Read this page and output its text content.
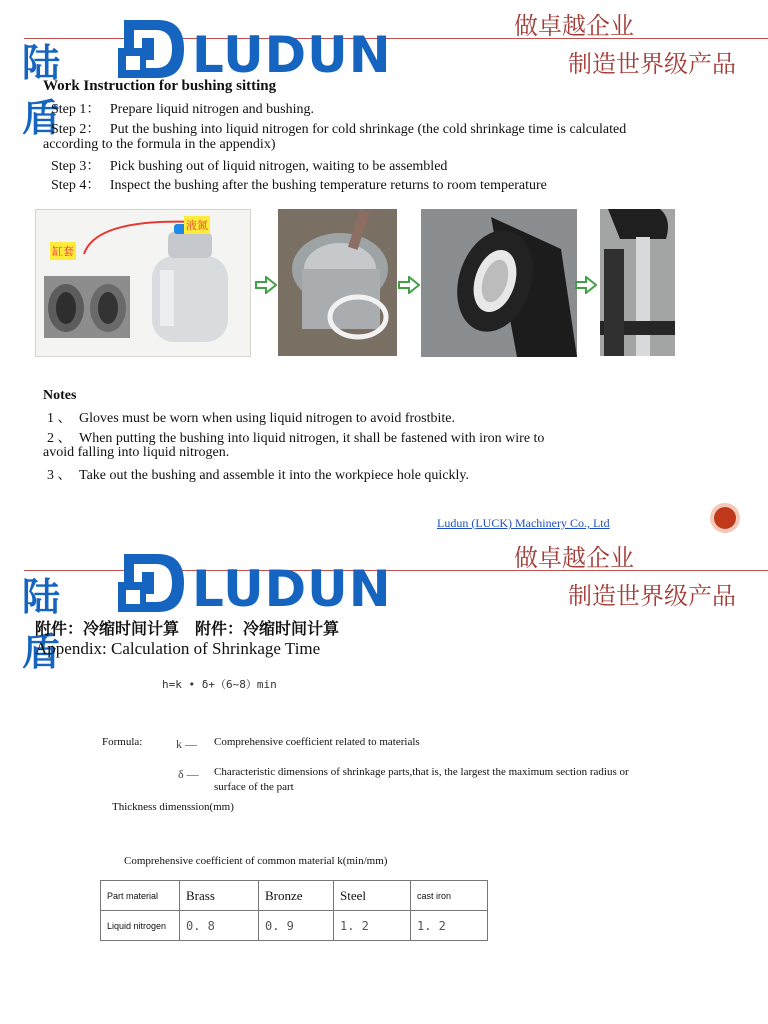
陆盾
LUDUN	做卓越企业
制造世界级产品
Work Instruction for bushing sitting
Step 1： Prepare liquid nitrogen and bushing.
Step 2： Put the bushing into liquid nitrogen for cold shrinkage (the cold shrinkage time is calculated
according to the formula in the appendix)
Step 3： Pick bushing out of liquid nitrogen, waiting to be assembled
Step 4： Inspect the bushing after the bushing temperature returns to room temperature
缸套
液氮
Notes
1 、 Gloves must be worn when using liquid nitrogen to avoid frostbite.
2 、 When putting the bushing into liquid nitrogen, it shall be fastened with iron wire to
avoid falling into liquid nitrogen.
3 、 Take out the bushing and assemble it into the workpiece hole quickly.
Ludun (LUCK) Machinery Co., Ltd
陆盾
LUDUN
做卓越企业
制造世界级产品
附件：冷缩时间计算　附件：冷缩时间计算
Appendix: Calculation of Shrinkage Time
h=k • δ+（6~8）min
Formula:	k — Comprehensive coefficient related to materials
δ — Characteristic dimensions of shrinkage parts,that is, the largest the maximum section radius or
surface of the part
Thickness dimenssion(mm)
Comprehensive coefficient of common material k(min/mm)
Part material	Brass	Bronze	Steel	cast iron
Liquid nitrogen	0. 8	0. 9	1. 2	1. 2
